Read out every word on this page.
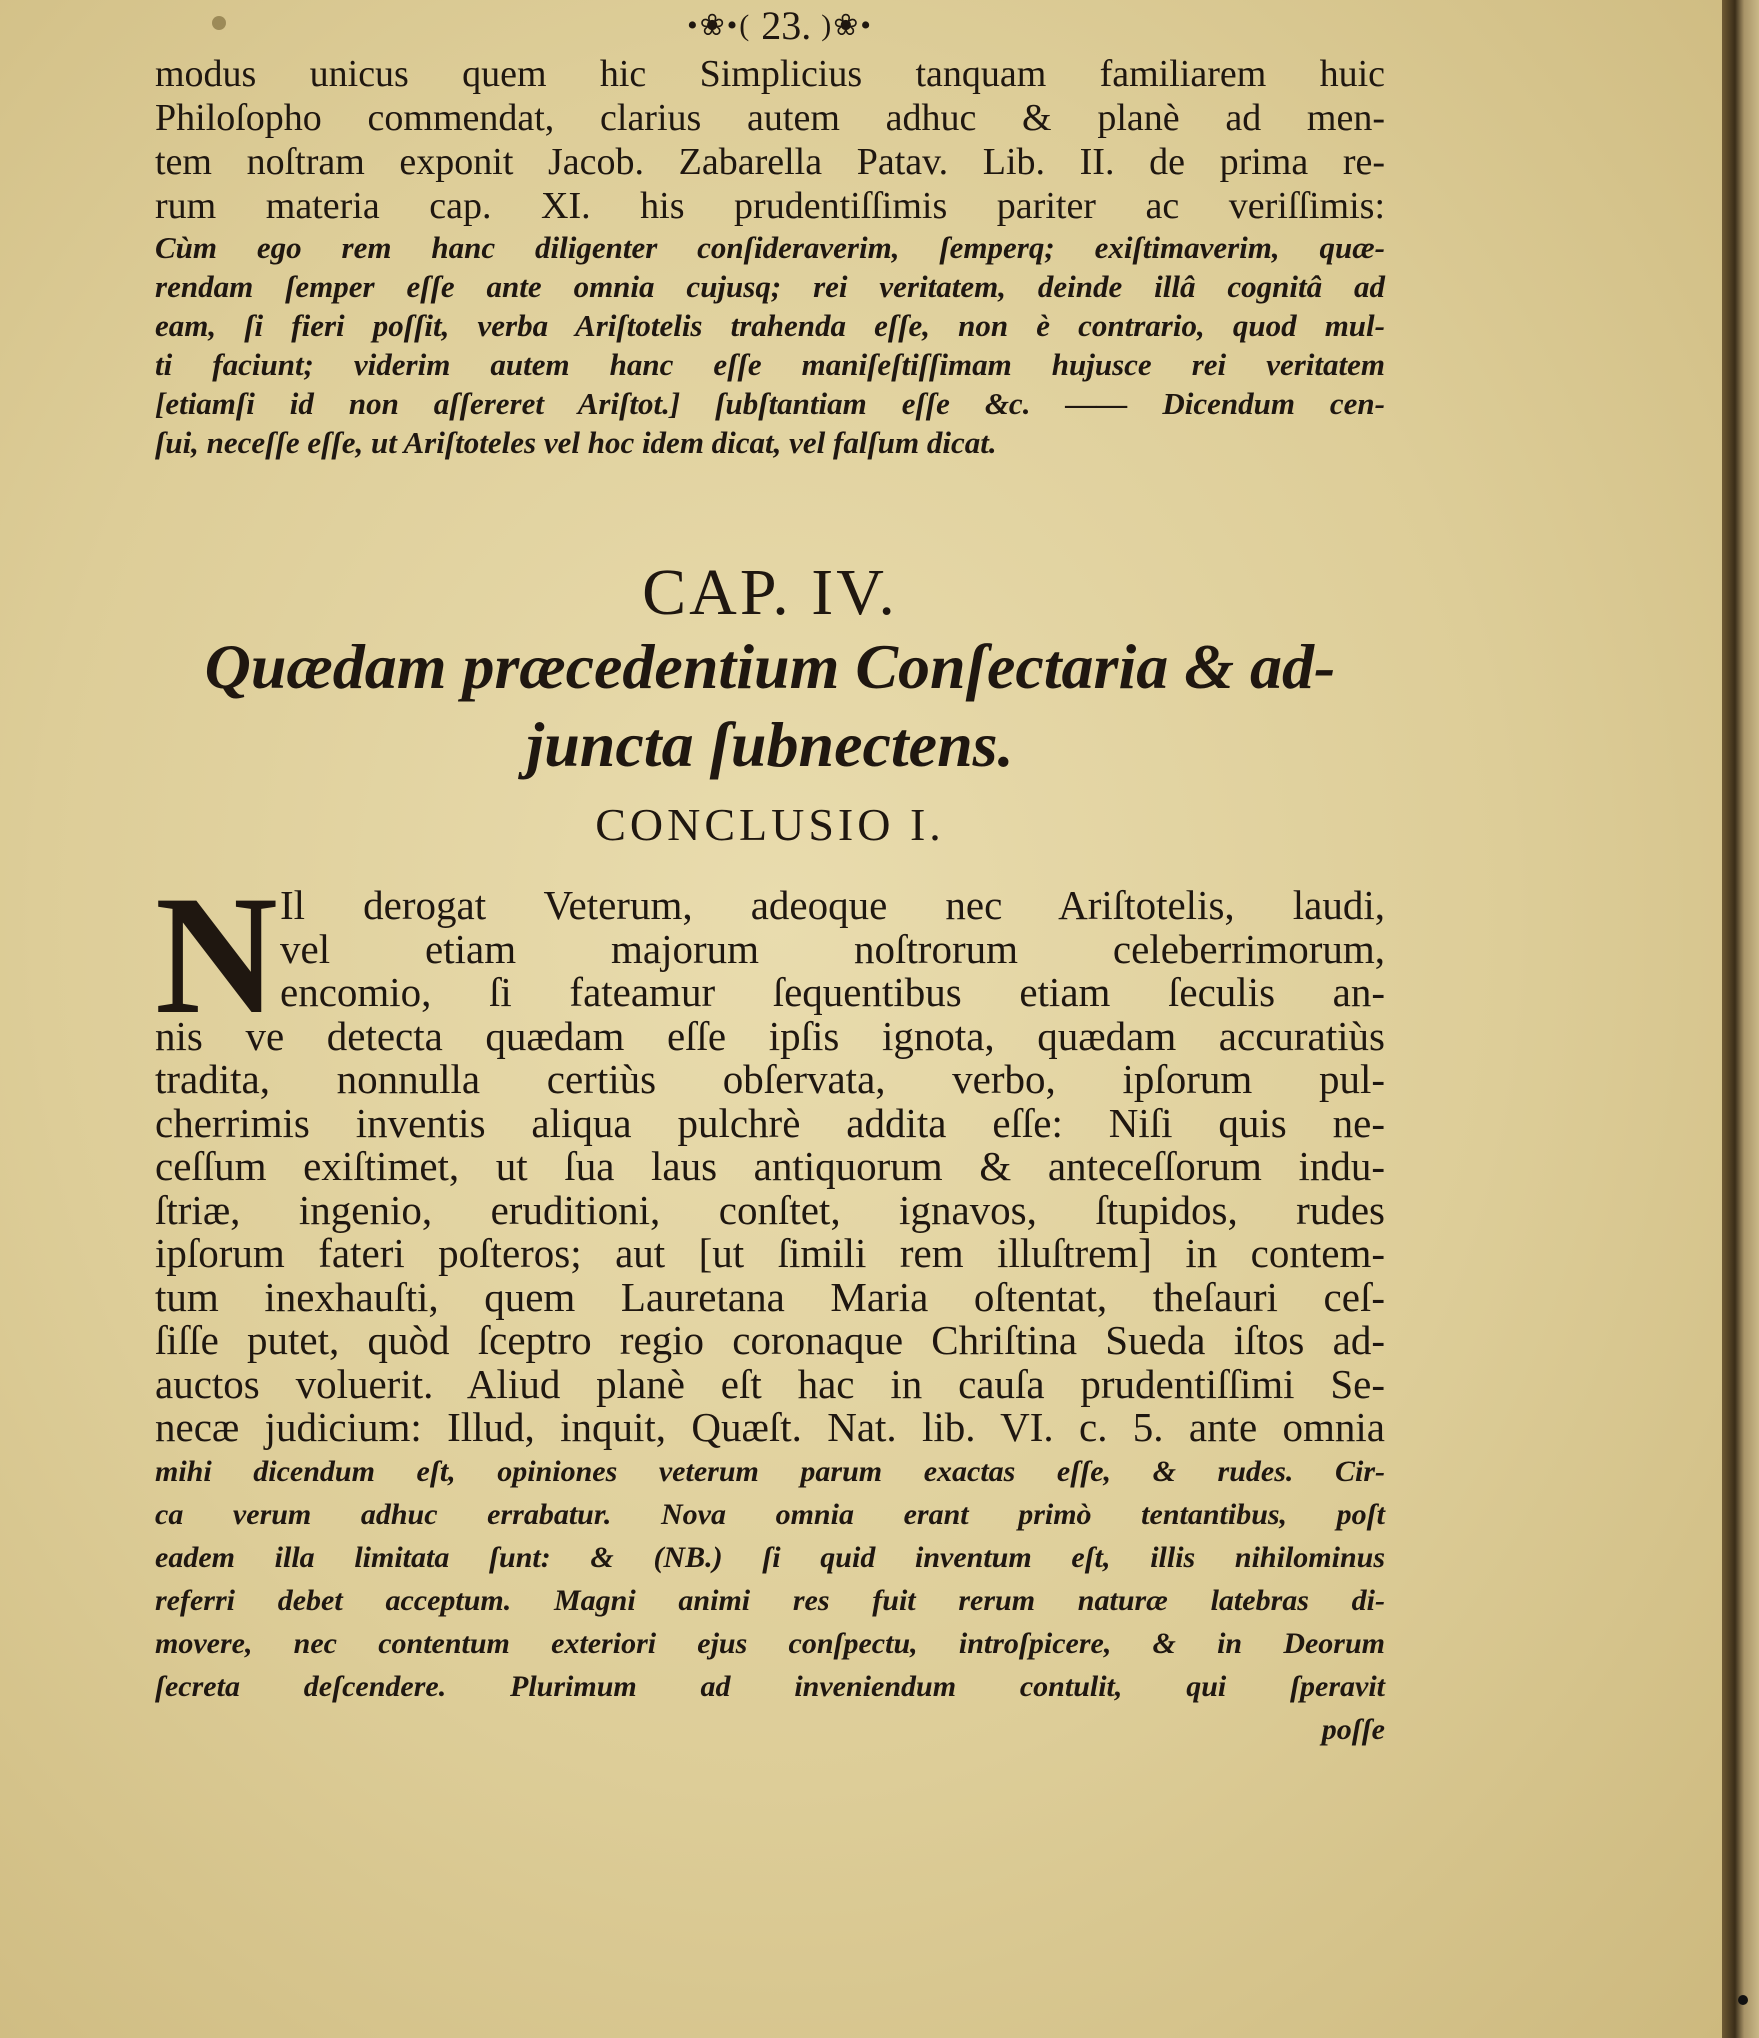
•❀•( 23. )❀•
modus unicus quem hic Simplicius tanquam familiarem huic
Philoſopho commendat, clarius autem adhuc & planè ad men-
tem noſtram exponit Jacob. Zabarella Patav. Lib. II. de prima re-
rum materia cap. XI. his prudentiſſimis pariter ac veriſſimis:
Cùm ego rem hanc diligenter conſideraverim, ſemperq; exiſtimaverim, quæ-
rendam ſemper eſſe ante omnia cujusq; rei veritatem, deinde illâ cognitâ ad
eam, ſi fieri poſſit, verba Ariſtotelis trahenda eſſe, non è contrario, quod mul-
ti faciunt; viderim autem hanc eſſe maniſeſtiſſimam hujusce rei veritatem
[etiamſi id non aſſereret Ariſtot.] ſubſtantiam eſſe &c. —— Dicendum cen-
ſui, neceſſe eſſe, ut Ariſtoteles vel hoc idem dicat, vel falſum dicat.
CAP. IV.
Quædam præcedentium Conſectaria & ad-
juncta ſubnectens.
CONCLUSIO I.
N Il derogat Veterum, adeoque nec Ariſtotelis, laudi,
vel etiam majorum noſtrorum celeberrimorum,
encomio, ſi fateamur ſequentibus etiam ſeculis an-
nis ve detecta quædam eſſe ipſis ignota, quædam accuratiùs
tradita, nonnulla certiùs obſervata, verbo, ipſorum pul-
cherrimis inventis aliqua pulchrè addita eſſe: Niſi quis ne-
ceſſum exiſtimet, ut ſua laus antiquorum & anteceſſorum indu-
ſtriæ, ingenio, eruditioni, conſtet, ignavos, ſtupidos, rudes
ipſorum fateri poſteros; aut [ut ſimili rem illuſtrem] in contem-
tum inexhauſti, quem Lauretana Maria oſtentat, theſauri ceſ-
ſiſſe putet, quòd ſceptro regio coronaque Chriſtina Sueda iſtos ad-
auctos voluerit. Aliud planè eſt hac in cauſa prudentiſſimi Se-
necæ judicium: Illud, inquit, Quæſt. Nat. lib. VI. c. 5. ante omnia
mihi dicendum eſt, opiniones veterum parum exactas eſſe, & rudes. Cir-
ca verum adhuc errabatur. Nova omnia erant primò tentantibus, poſt
eadem illa limitata ſunt: & (NB.) ſi quid inventum eſt, illis nihilominus
referri debet acceptum. Magni animi res fuit rerum naturæ latebras di-
movere, nec contentum exteriori ejus conſpectu, introſpicere, & in Deorum
ſecreta deſcendere. Plurimum ad inveniendum contulit, qui ſperavit
poſſe
